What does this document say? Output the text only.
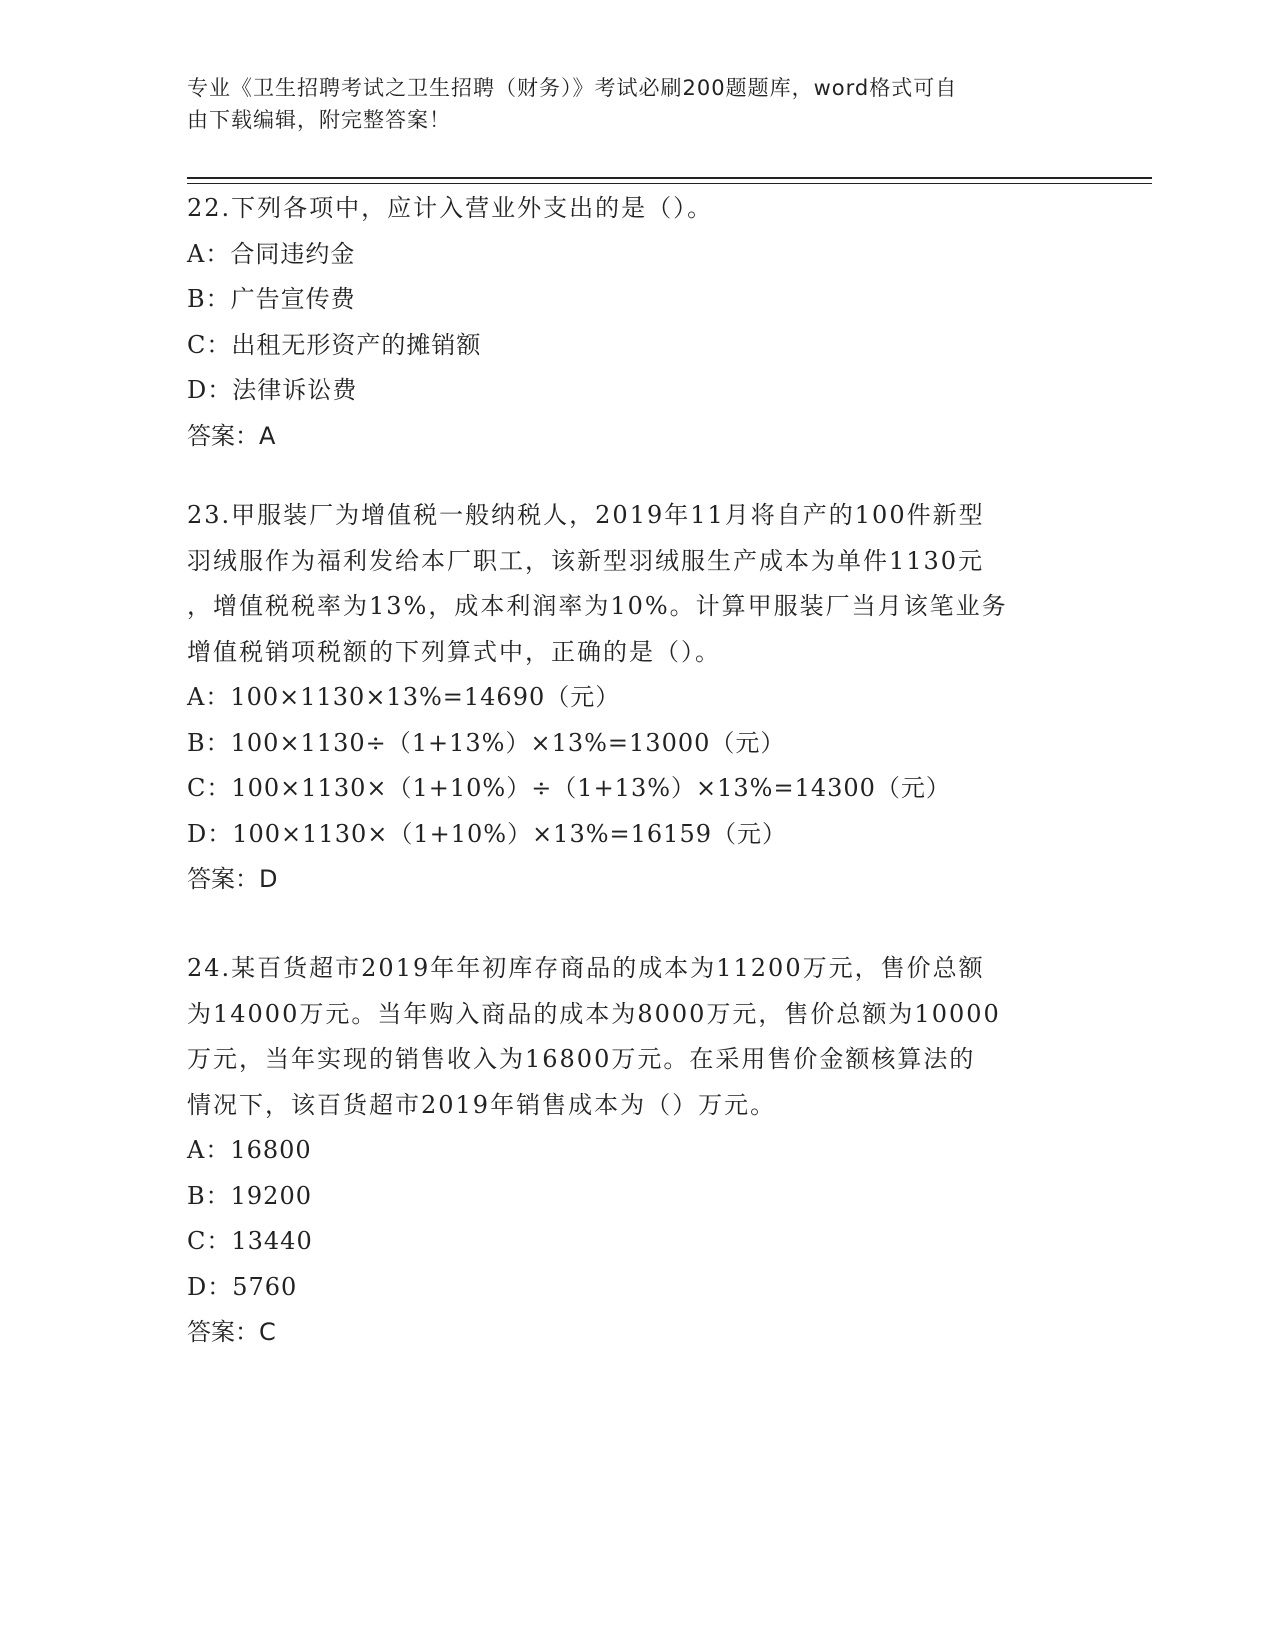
专业《卫生招聘考试之卫生招聘（财务）》考试必刷200题题库，word格式可自
由下载编辑，附完整答案！

22.下列各项中，应计入营业外支出的是（）。

A：合同违约金

B：广告宣传费

C：出租无形资产的摊销额

D：法律诉讼费

答案：A

23.甲服装厂为增值税一般纳税人，2019年11月将自产的100件新型
羽绒服作为福利发给本厂职工，该新型羽绒服生产成本为单件1130元
，增值税税率为13%，成本利润率为10%。计算甲服装厂当月该笔业务
增值税销项税额的下列算式中，正确的是（）。

A：100×1130×13%=14690（元）

B：100×1130÷（1+13%）×13%=13000（元）

C：100×1130×（1+10%）÷（1+13%）×13%=14300（元）

D：100×1130×（1+10%）×13%=16159（元）

答案：D

24.某百货超市2019年年初库存商品的成本为11200万元，售价总额
为14000万元。当年购入商品的成本为8000万元，售价总额为10000
万元，当年实现的销售收入为16800万元。在采用售价金额核算法的
情况下，该百货超市2019年销售成本为（）万元。

A：16800

B：19200

C：13440

D：5760

答案：C
